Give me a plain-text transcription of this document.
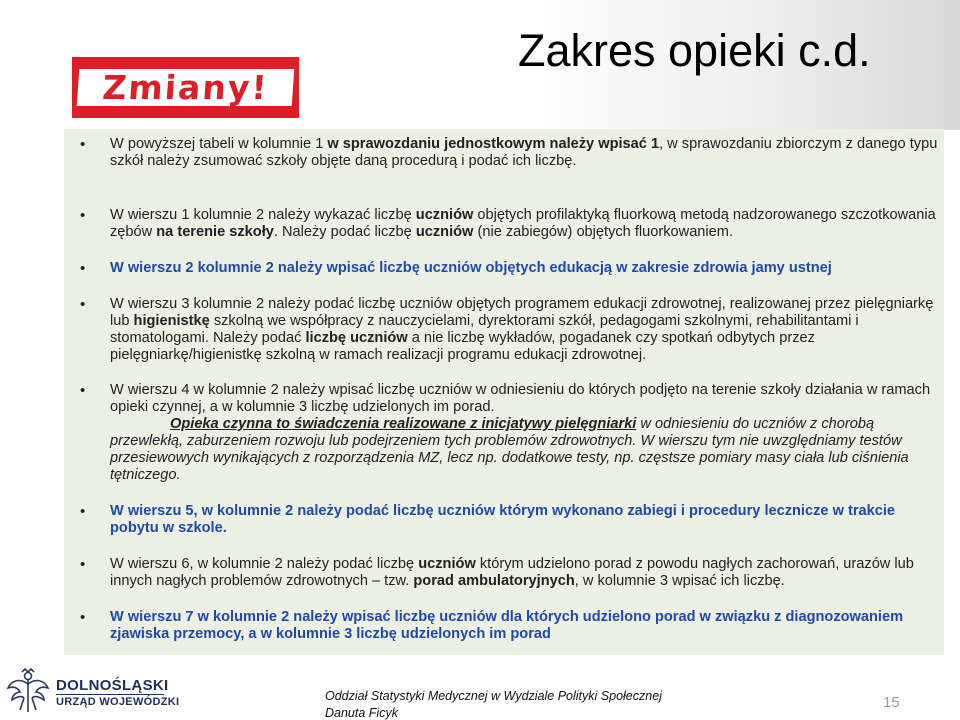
Zmiany!
Zakres opieki c.d.
• W powyższej tabeli w kolumnie 1 w sprawozdaniu jednostkowym należy wpisać 1, w sprawozdaniu zbiorczym z danego typu szkół należy zsumować szkoły objęte daną procedurą i podać ich liczbę.
• W wierszu 1 kolumnie 2 należy wykazać liczbę uczniów objętych profilaktyką fluorkową metodą nadzorowanego szczotkowania zębów na terenie szkoły. Należy podać liczbę uczniów (nie zabiegów) objętych fluorkowaniem.
• W wierszu 2 kolumnie 2 należy wpisać liczbę uczniów objętych edukacją w zakresie zdrowia jamy ustnej
• W wierszu 3 kolumnie 2 należy podać liczbę uczniów objętych programem edukacji zdrowotnej, realizowanej przez pielęgniarkę lub higienistkę szkolną we współpracy z nauczycielami, dyrektorami szkół, pedagogami szkolnymi, rehabilitantami i stomatologami. Należy podać liczbę uczniów a nie liczbę wykładów, pogadanek czy spotkań odbytych przez pielęgniarkę/higienistkę szkolną w ramach realizacji programu edukacji zdrowotnej.
• W wierszu 4 w kolumnie 2 należy wpisać liczbę uczniów w odniesieniu do których podjęto na terenie szkoły działania w ramach opieki czynnej, a w kolumnie 3 liczbę udzielonych im porad.
Opieka czynna to świadczenia realizowane z inicjatywy pielęgniarki w odniesieniu do uczniów z chorobą przewlekłą, zaburzeniem rozwoju lub podejrzeniem tych problemów zdrowotnych. W wierszu tym nie uwzględniamy testów przesiewowych wynikających z rozporządzenia MZ, lecz np. dodatkowe testy, np. częstsze pomiary masy ciała lub ciśnienia tętniczego.
• W wierszu 5, w kolumnie 2 należy podać liczbę uczniów którym wykonano zabiegi i procedury lecznicze w trakcie pobytu w szkole.
• W wierszu 6, w kolumnie 2 należy podać liczbę uczniów którym udzielono porad z powodu nagłych zachorowań, urazów lub innych nagłych problemów zdrowotnych – tzw. porad ambulatoryjnych, w kolumnie 3 wpisać ich liczbę.
• W wierszu 7 w kolumnie 2 należy wpisać liczbę uczniów dla których udzielono porad w związku z diagnozowaniem zjawiska przemocy, a w kolumnie 3 liczbę udzielonych im porad
DOLNOŚLĄSKI
URZĄD WOJEWÓDZKI	Oddział Statystyki Medycznej w Wydziale Polityki Społecznej
Danuta Ficyk
15
